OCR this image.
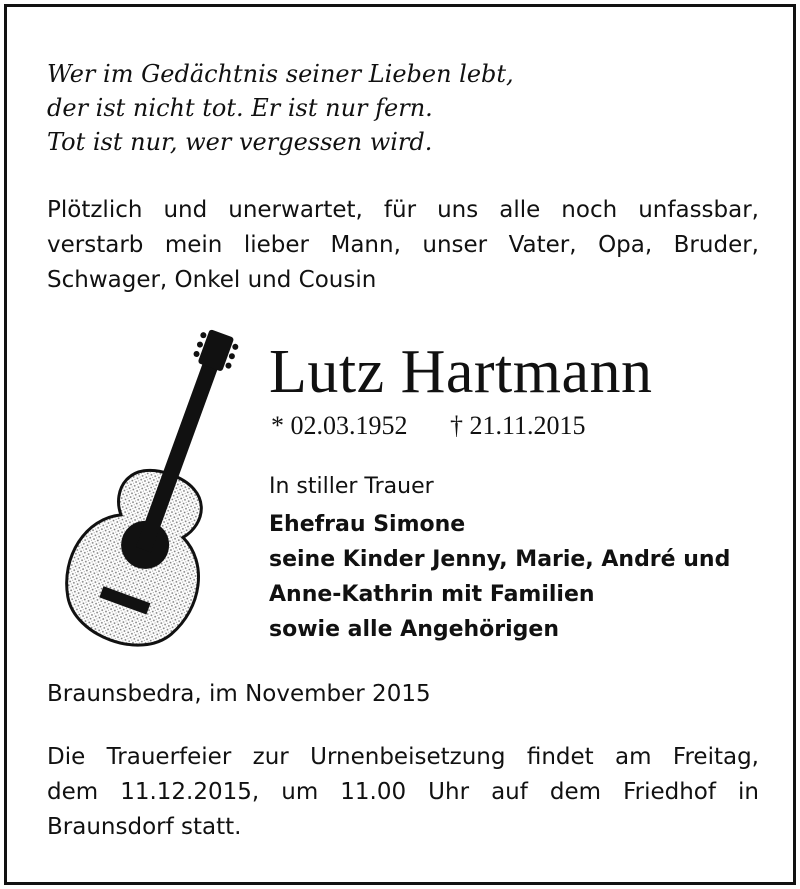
Wer im Gedächtnis seiner Lieben lebt,
der ist nicht tot. Er ist nur fern.
Tot ist nur, wer vergessen wird.
Plötzlich und unerwartet, für uns alle noch unfassbar,
verstarb mein lieber Mann, unser Vater, Opa, Bruder,
Schwager, Onkel und Cousin
Lutz Hartmann
* 02.03.1952 † 21.11.2015
In stiller Trauer
Ehefrau Simone
seine Kinder Jenny, Marie, André und
Anne-Kathrin mit Familien
sowie alle Angehörigen
Braunsbedra, im November 2015
Die Trauerfeier zur Urnenbeisetzung findet am Freitag,
dem 11.12.2015, um 11.00 Uhr auf dem Friedhof in
Braunsdorf statt.
